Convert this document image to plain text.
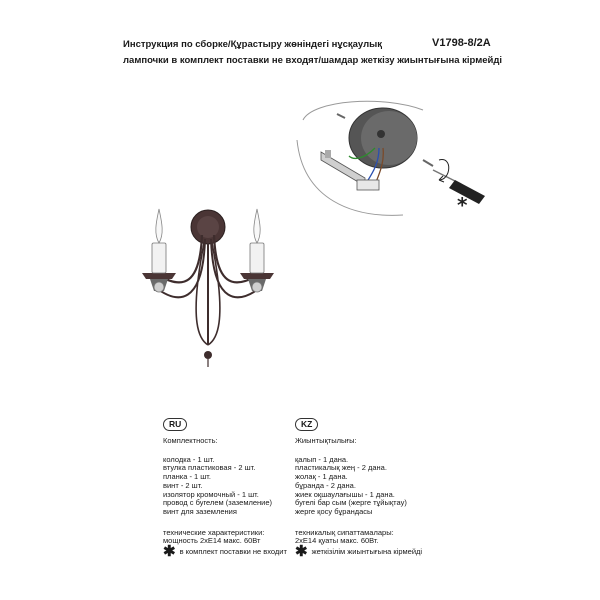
Инструкция по сборке/Құрастыру жөніндегі нұсқаулық	V1798-8/2A
лампочки в комплект поставки не входят/шамдар жеткізу жиынтығына кірмейді
*
RU
Комплектность:
колодка - 1 шт.
втулка пластиковая - 2 шт.
планка - 1 шт.
винт - 2 шт.
изолятор кромочный - 1 шт.
провод с бугелем (заземление)
винт для заземления
технические характеристики:
мощность 2хЕ14 макс. 60Вт
✱ в комплект поставки не входит
KZ
Жиынтықтылығы:
қалып - 1 дана.
пластикалық жең - 2 дана.
жолақ - 1 дана.
бұранда - 2 дана.
жиек оқшаулағышы - 1 дана.
бугелі бар сым (жерге тұйықтау)
жерге қосу бұрандасы
техникалық сипаттамалары:
2хЕ14 қуаты макс. 60Вт.
✱ жеткізілім жиынтығына кірмейді
